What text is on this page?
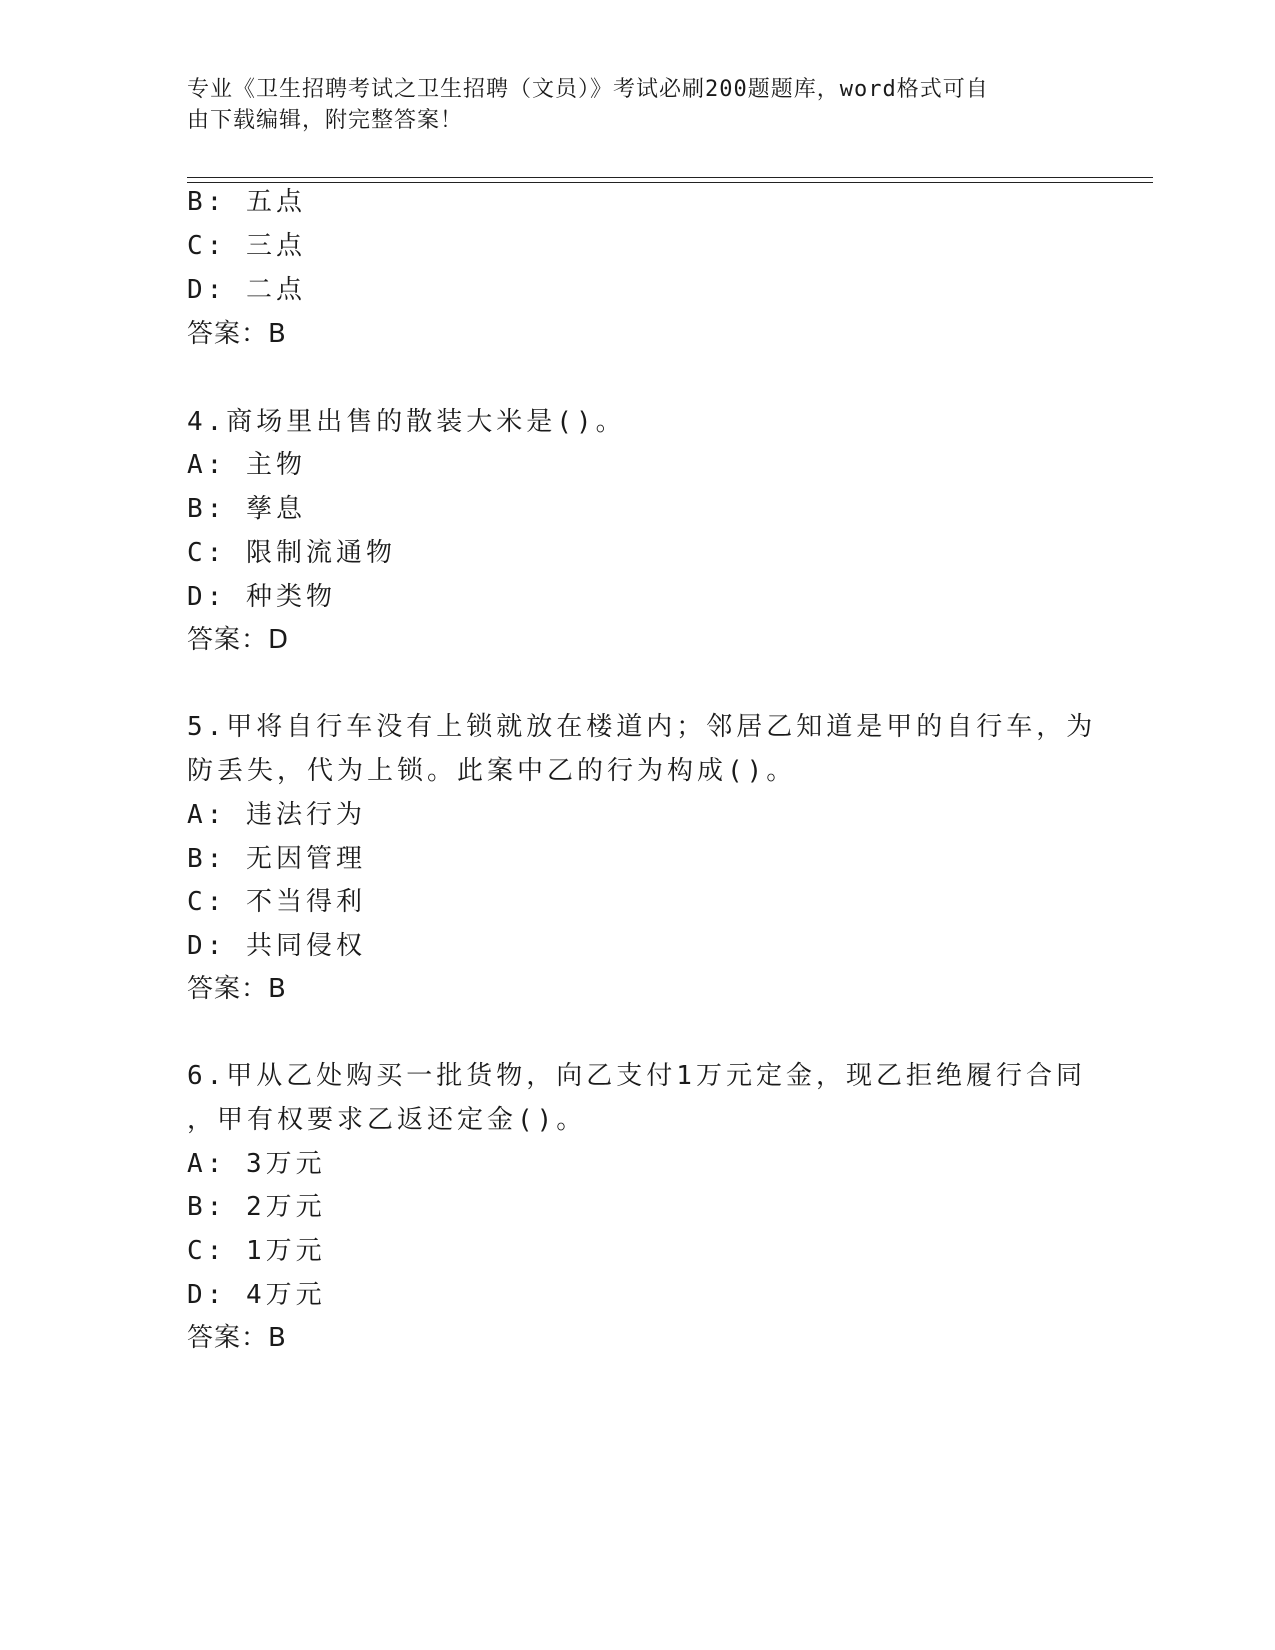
专业《卫生招聘考试之卫生招聘（文员）》考试必刷200题题库，word格式可自
由下载编辑，附完整答案！
B: 五点
C: 三点
D: 二点
答案：B
4.商场里出售的散装大米是()。
A: 主物
B: 孳息
C: 限制流通物
D: 种类物
答案：D
5.甲将自行车没有上锁就放在楼道内；邻居乙知道是甲的自行车，为
防丢失，代为上锁。此案中乙的行为构成()。
A: 违法行为
B: 无因管理
C: 不当得利
D: 共同侵权
答案：B
6.甲从乙处购买一批货物，向乙支付1万元定金，现乙拒绝履行合同
，甲有权要求乙返还定金()。
A: 3万元
B: 2万元
C: 1万元
D: 4万元
答案：B
